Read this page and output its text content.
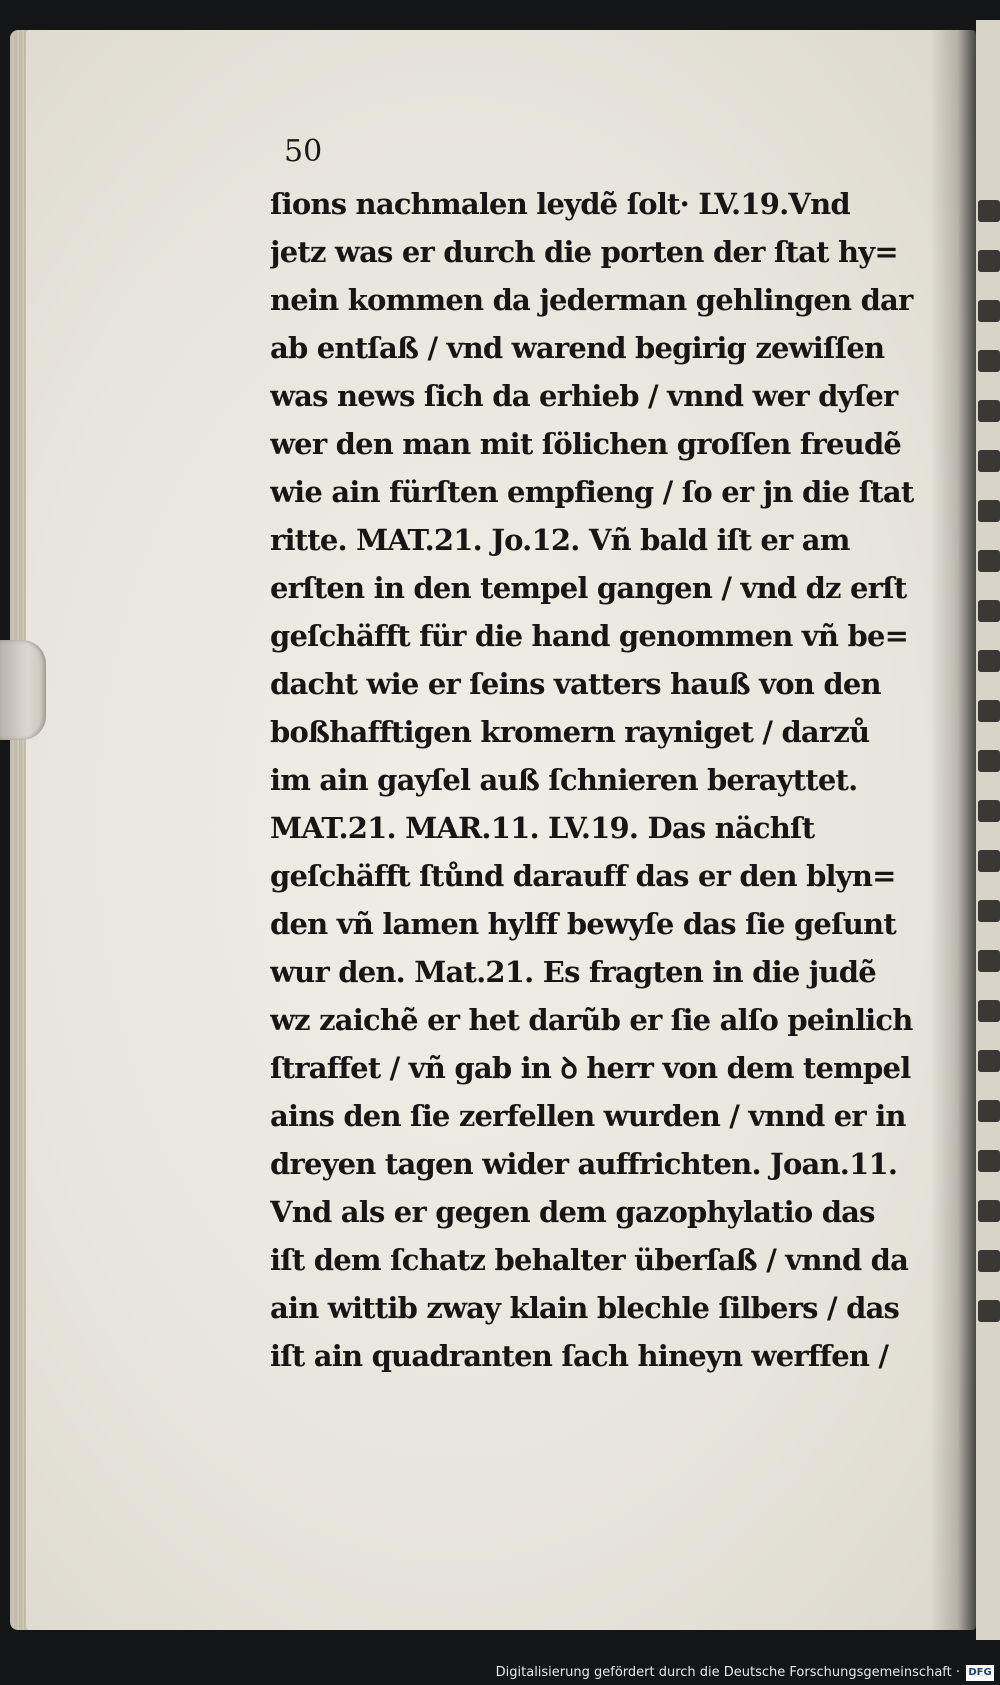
50
ſions nachmalen leydẽ ſolt· LV.19.Vnd
jetz was er durch die porten der ſtat hy=
nein kommen da jederman gehlingen dar
ab entſaß / vnd warend begirig zewiſſen
was news ſich da erhieb / vnnd wer dyſer
wer den man mit ſölichen groſſen freudẽ
wie ain fürſten empfieng / ſo er jn die ſtat
ritte. MAT.21. Jo.12. Vñ bald iſt er am
erſten in den tempel gangen / vnd dz erſt
geſchäfft für die hand genommen vñ be=
dacht wie er ſeins vatters hauß von den
boßhafftigen kromern rayniget / darzů
im ain gayſel auß ſchnieren berayttet.
MAT.21. MAR.11. LV.19. Das nächſt
geſchäfft ſtůnd darauff das er den blyn=
den vñ lamen hylff bewyſe das ſie geſunt
wur den. Mat.21. Es fragten in die judẽ
wz zaichẽ er het darũb er ſie alſo peinlich
ſtraffet / vñ gab in ꝺ herr von dem tempel
ains den ſie zerfellen wurden / vnnd er in
dreyen tagen wider auffrichten. Joan.11.
Vnd als er gegen dem gazophylatio das
iſt dem ſchatz behalter überſaß / vnnd da
ain wittib zway klain blechle ſilbers / das
iſt ain quadranten ſach hineyn werffen /
Digitalisierung gefördert durch die Deutsche Forschungsgemeinschaft · DFG
